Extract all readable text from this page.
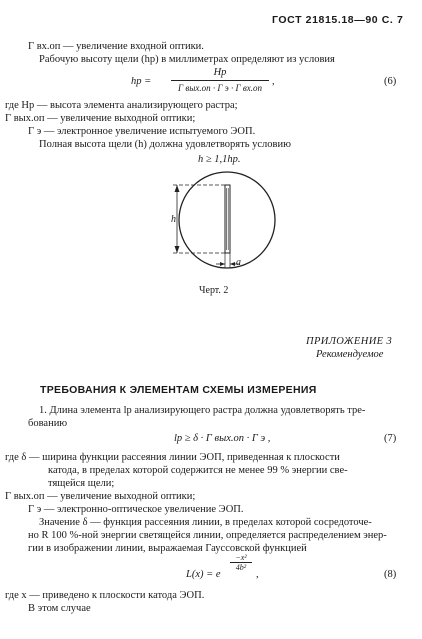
ГОСТ 21815.18—90 С. 7
Г вх.оп — увеличение входной оптики.
Рабочую высоту щели (hр) в миллиметрах определяют из условия
hр =
Hр
Г вых.оп · Г э · Г вх.оп
,	(6)
где Hр — высота элемента анализирующего растра;
Г вых.оп — увеличение выходной оптики;
Г э — электронное увеличение испытуемого ЭОП.
Полная высота щели (h) должна удовлетворять условию
h ≥ 1,1hр.
h
a
Черт. 2
ПРИЛОЖЕНИЕ 3
Рекомендуемое
ТРЕБОВАНИЯ К ЭЛЕМЕНТАМ СХЕМЫ ИЗМЕРЕНИЯ
1. Длина элемента lр анализирующего растра должна удовлетворять тре-
бованию
lр ≥ δ · Г вых.оп · Г э ,	(7)
где δ — ширина функции рассеяния линии ЭОП, приведенная к плоскости
катода, в пределах которой содержится не менее 99 % энергии све-
тящейся щели;
Г вых.оп — увеличение выходной оптики;
Г э — электронно-оптическое увеличение ЭОП.
Значение δ — функция рассеяния линии, в пределах которой сосредоточе-
но R 100 %-ной энергии светящейся линии, определяется распределением энер-
гии в изображении линии, выражаемая Гауссовской функцией
L(x) = e
−x²
4b²
,	(8)
где x — приведено к плоскости катода ЭОП.
В этом случае
